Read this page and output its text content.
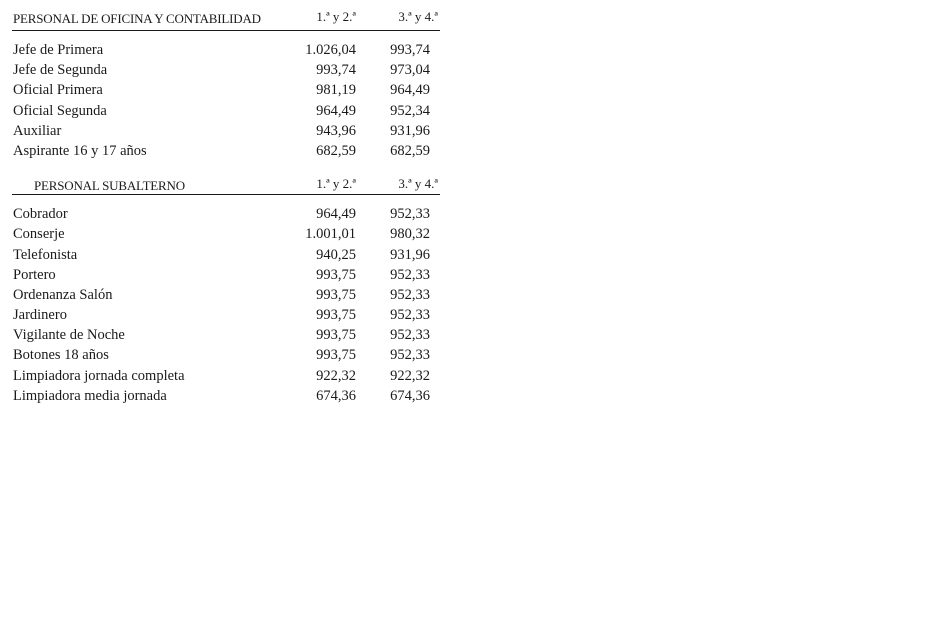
PERSONAL DE OFICINA Y CONTABILIDAD	1.ª y 2.ª	3.ª y 4.ª
Jefe de Primera	1.026,04 993,74
Jefe de Segunda	993,74 973,04
Oficial Primera	981,19 964,49
Oficial Segunda	964,49 952,34
Auxiliar	943,96 931,96
Aspirante 16 y 17 años	682,59 682,59
PERSONAL SUBALTERNO	1.ª y 2.ª	3.ª y 4.ª
Cobrador	964,49 952,33
Conserje	1.001,01 980,32
Telefonista	940,25 931,96
Portero	993,75 952,33
Ordenanza Salón	993,75 952,33
Jardinero	993,75 952,33
Vigilante de Noche	993,75 952,33
Botones 18 años	993,75 952,33
Limpiadora jornada completa	922,32 922,32
Limpiadora media jornada	674,36 674,36
